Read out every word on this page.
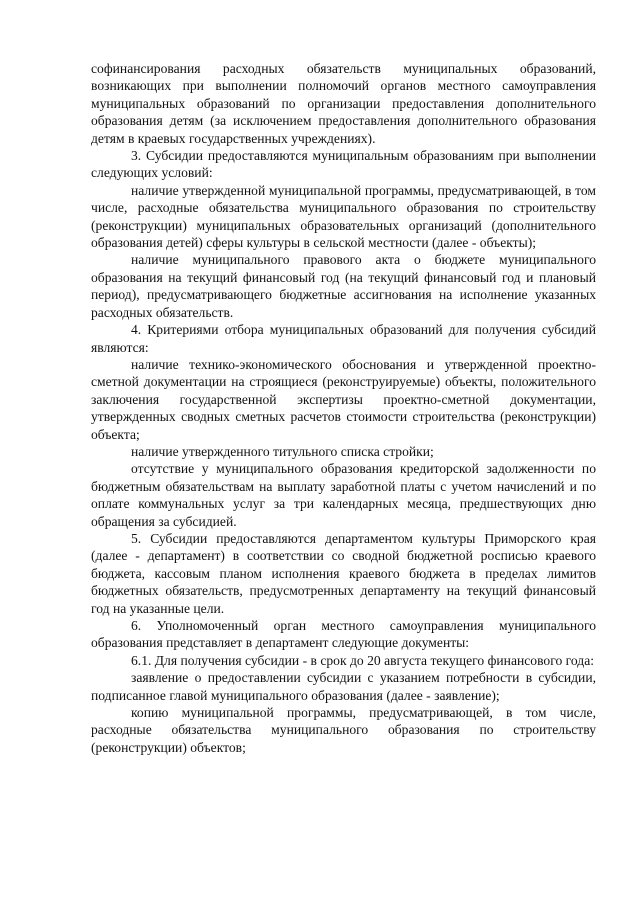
софинансирования расходных обязательств муниципальных образований, возникающих при выполнении полномочий органов местного самоуправления муниципальных образований по организации предоставления дополнительного образования детям (за исключением предоставления дополнительного образования детям в краевых государственных учреждениях).

3. Субсидии предоставляются муниципальным образованиям при выполнении следующих условий:

наличие утвержденной муниципальной программы, предусматривающей, в том числе, расходные обязательства муниципального образования по строительству (реконструкции) муниципальных образовательных организаций (дополнительного образования детей) сферы культуры в сельской местности (далее - объекты);

наличие муниципального правового акта о бюджете муниципального образования на текущий финансовый год (на текущий финансовый год и плановый период), предусматривающего бюджетные ассигнования на исполнение указанных расходных обязательств.

4. Критериями отбора муниципальных образований для получения субсидий являются:

наличие технико-экономического обоснования и утвержденной проектно-сметной документации на строящиеся (реконструируемые) объекты, положительного заключения государственной экспертизы проектно-сметной документации, утвержденных сводных сметных расчетов стоимости строительства (реконструкции) объекта;

наличие утвержденного титульного списка стройки;

отсутствие у муниципального образования кредиторской задолженности по бюджетным обязательствам на выплату заработной платы с учетом начислений и по оплате коммунальных услуг за три календарных месяца, предшествующих дню обращения за субсидией.

5. Субсидии предоставляются департаментом культуры Приморского края (далее - департамент) в соответствии со сводной бюджетной росписью краевого бюджета, кассовым планом исполнения краевого бюджета в пределах лимитов бюджетных обязательств, предусмотренных департаменту на текущий финансовый год на указанные цели.

6. Уполномоченный орган местного самоуправления муниципального образования представляет в департамент следующие документы:

6.1. Для получения субсидии - в срок до 20 августа текущего финансового года:

заявление о предоставлении субсидии с указанием потребности в субсидии, подписанное главой муниципального образования (далее - заявление);

копию муниципальной программы, предусматривающей, в том числе, расходные обязательства муниципального образования по строительству (реконструкции) объектов;
